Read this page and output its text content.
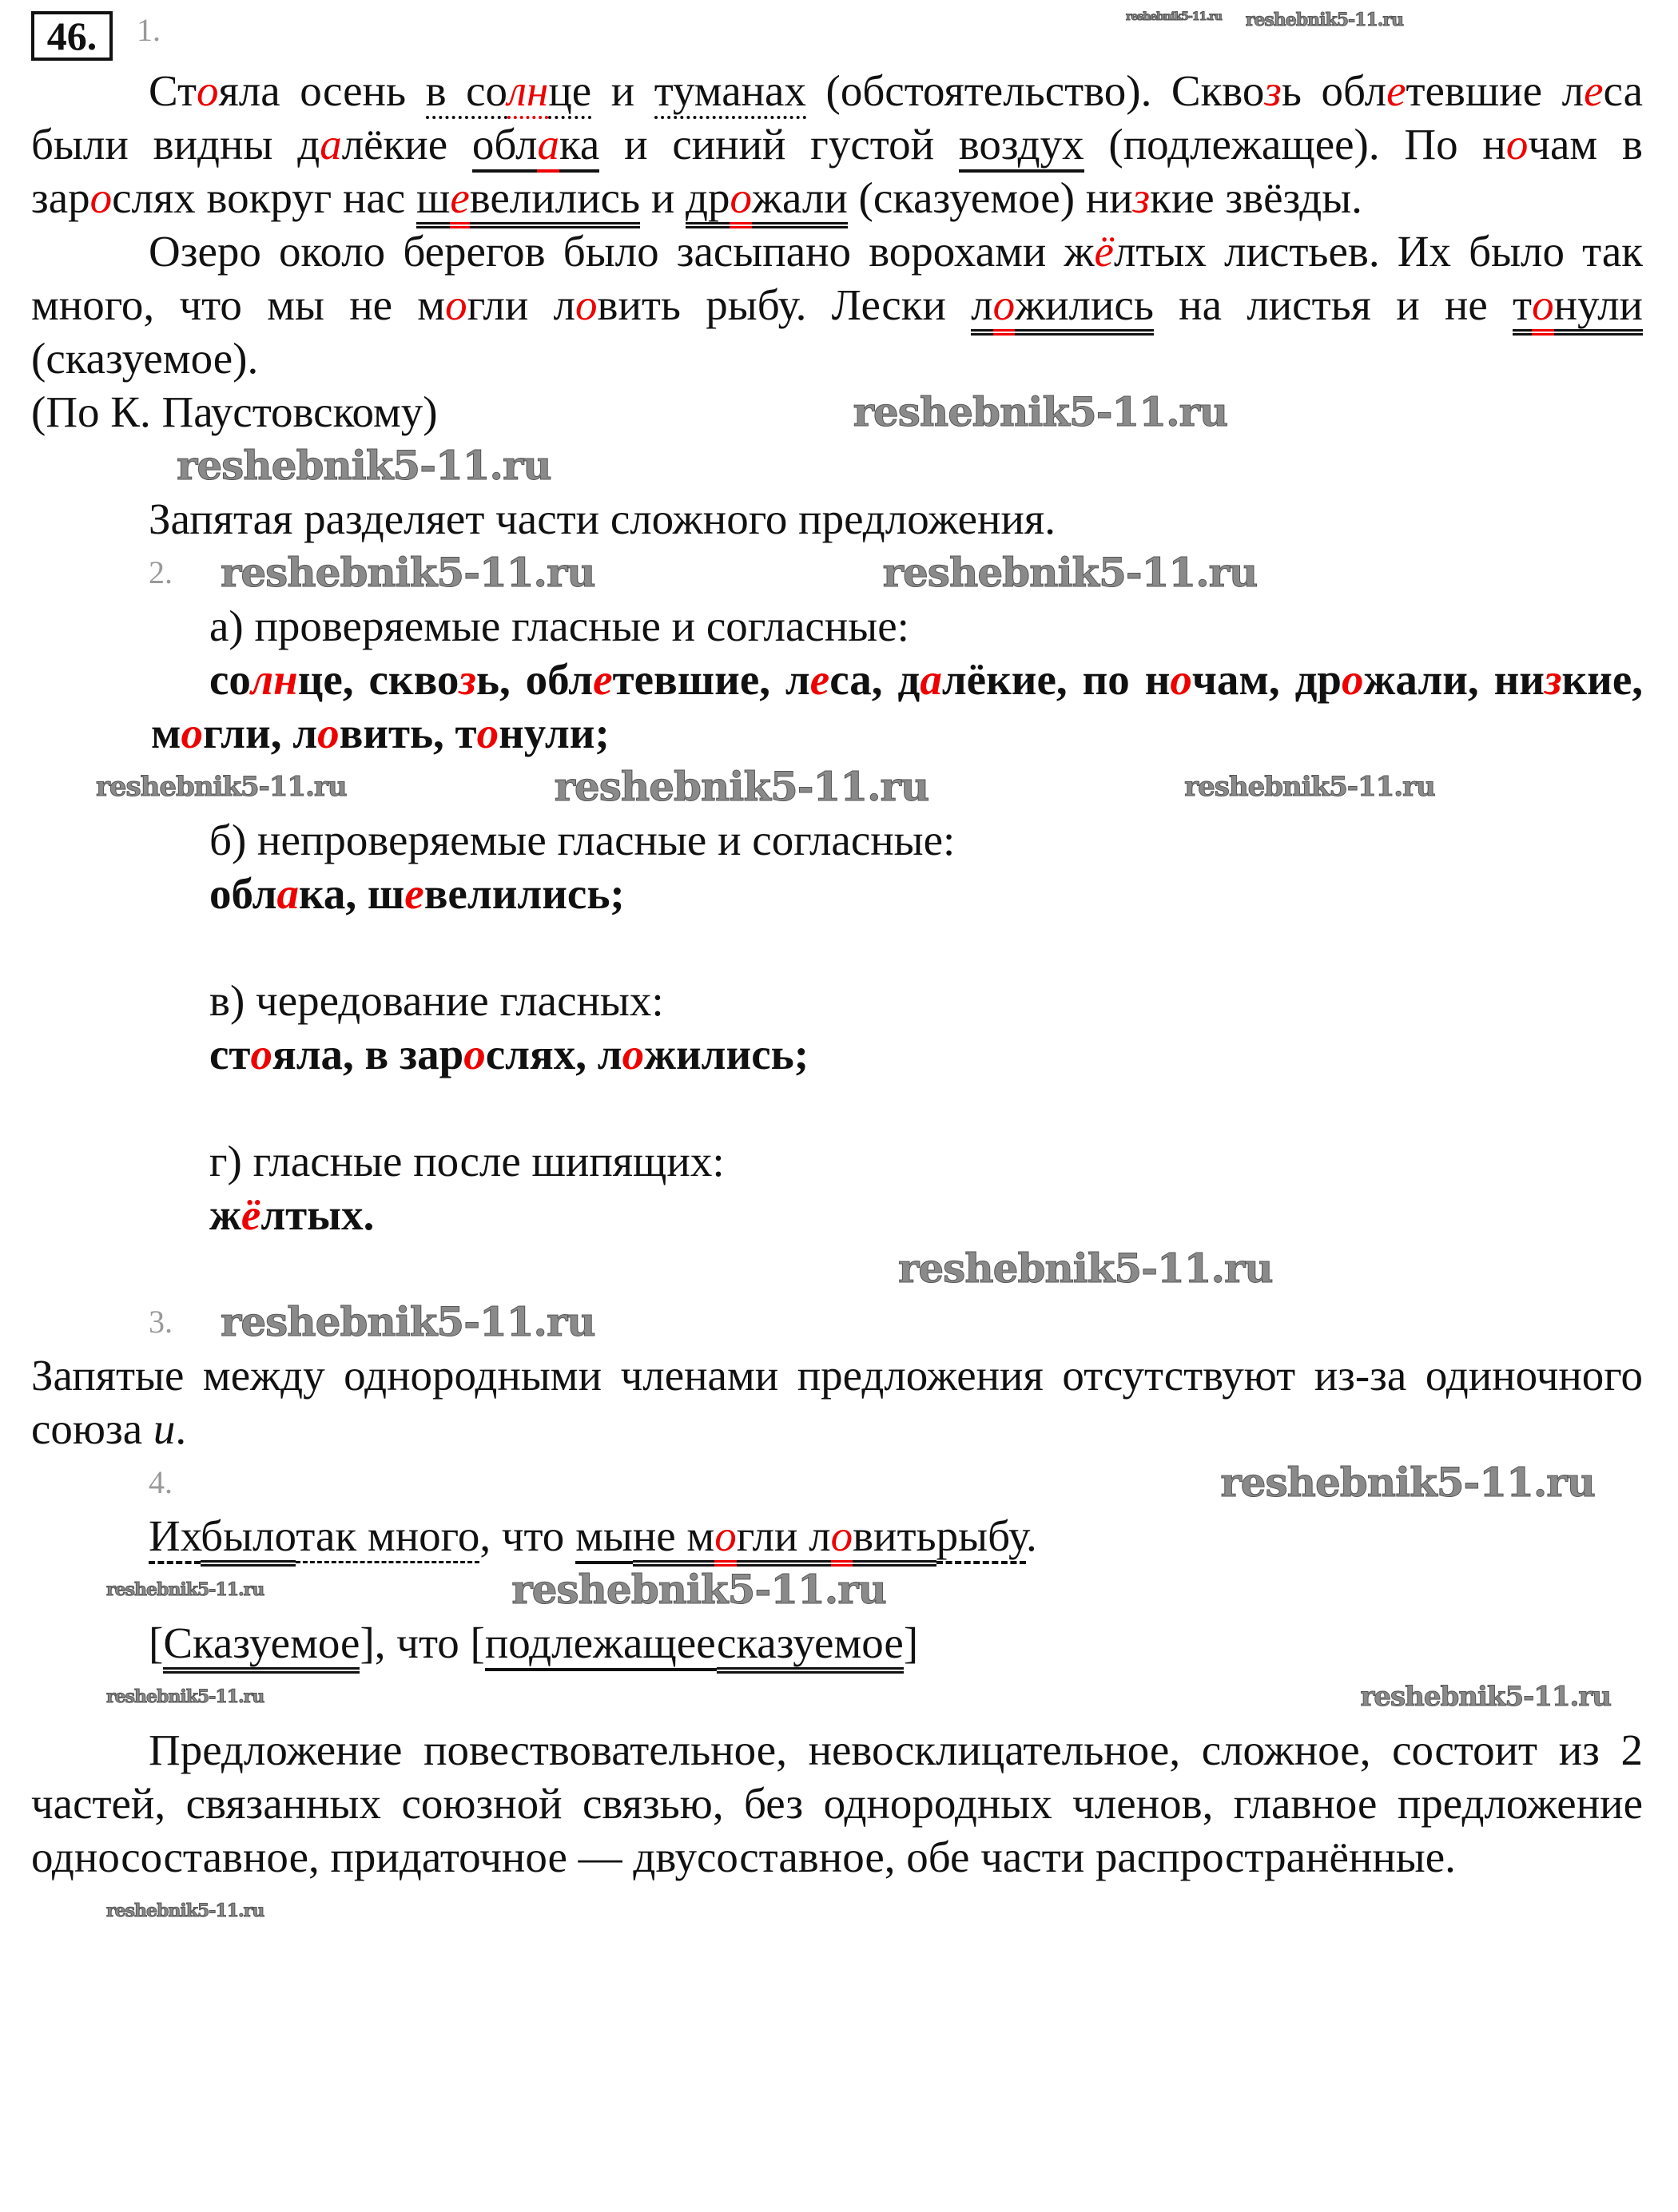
46.	1.	reshebnik5-11.ru reshebnik5-11.ru

Стояла осень в солнце и туманах (обстоятельство). Сквозь облетевшие леса были видны далёкие облака и синий густой воздух (подлежащее). По ночам в зарослях вокруг нас шевелились и дрожали (сказуемое) низкие звёзды.

Озеро около берегов было засыпано ворохами жёлтых листьев. Их было так много, что мы не могли ловить рыбу. Лески ложились на листья и не тонули (сказуемое).

(По К. Паустовскому)	reshebnik5-11.ru
reshebnik5-11.ru

Запятая разделяет части сложного предложения.

2. reshebnik5-11.ru	reshebnik5-11.ru

а) проверяемые гласные и согласные:

солнце, сквозь, облетевшие, леса, далёкие, по ночам, дрожали, низкие, могли, ловить, тонули;

reshebnik5-11.ru	reshebnik5-11.ru	reshebnik5-11.ru

б) непроверяемые гласные и согласные:

облака, шевелились;

в) чередование гласных:

стояла, в зарослях, ложились;

г) гласные после шипящих:

жёлтых.

reshebnik5-11.ru
3. reshebnik5-11.ru

Запятые между однородными членами предложения отсутствуют из-за одиночного союза и.

4.	reshebnik5-11.ru

Ихбылотак много, что мыне могли ловитьрыбу.

reshebnik5-11.ru	reshebnik5-11.ru

[Сказуемое], что [подлежащеесказуемое]

reshebnik5-11.ru	reshebnik5-11.ru

Предложение повествовательное, невосклицательное, сложное, состоит из 2 частей, связанных союзной связью, без однородных членов, главное предложение односоставное, придаточное — двусоставное, обе части распространённые.

reshebnik5-11.ru
